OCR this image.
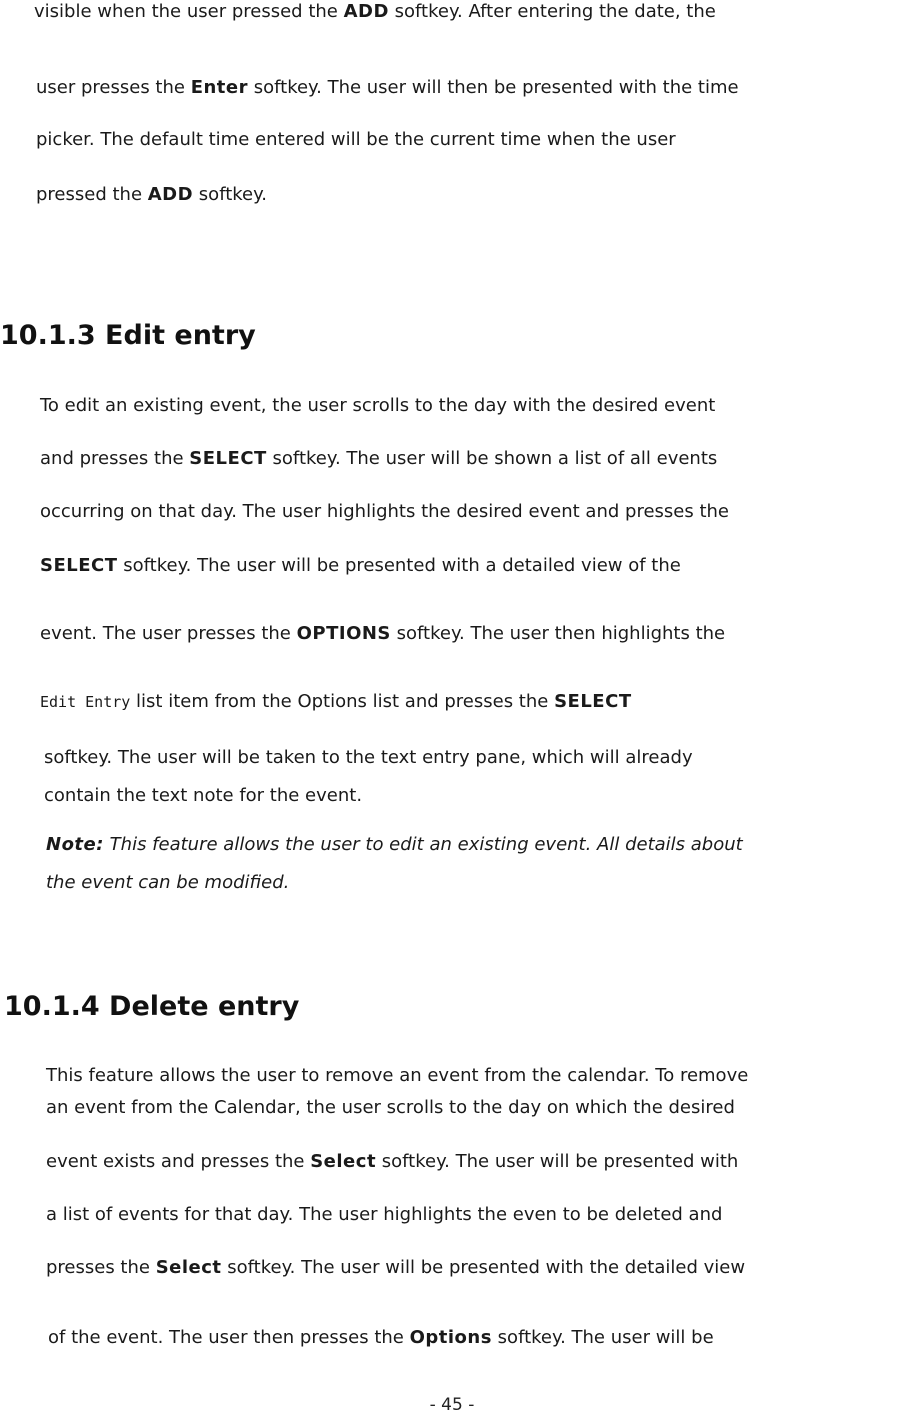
visible when the user pressed the ADD softkey. After entering the date, the
user presses the Enter softkey. The user will then be presented with the time
picker. The default time entered will be the current time when the user
pressed the ADD softkey.
10.1.3 Edit entry
To edit an existing event, the user scrolls to the day with the desired event
and presses the SELECT softkey. The user will be shown a list of all events
occurring on that day. The user highlights the desired event and presses the
SELECT softkey. The user will be presented with a detailed view of the
event. The user presses the OPTIONS softkey. The user then highlights the
Edit Entry list item from the Options list and presses the SELECT
softkey. The user will be taken to the text entry pane, which will already
contain the text note for the event.
Note: This feature allows the user to edit an existing event. All details about
the event can be modified.
10.1.4 Delete entry
This feature allows the user to remove an event from the calendar. To remove
an event from the Calendar, the user scrolls to the day on which the desired
event exists and presses the Select softkey. The user will be presented with
a list of events for that day. The user highlights the even to be deleted and
presses the Select softkey. The user will be presented with the detailed view
of the event. The user then presses the Options softkey. The user will be
- 45 -
